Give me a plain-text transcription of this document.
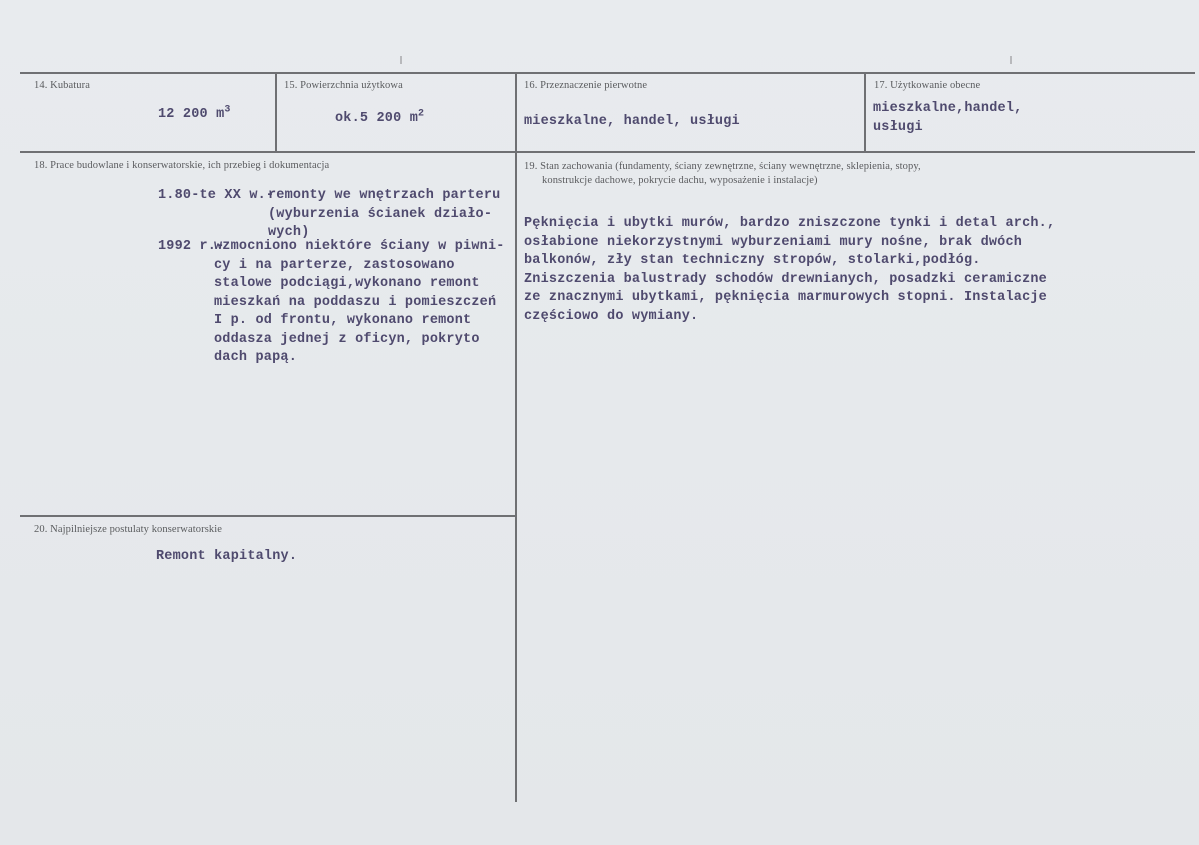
14. Kubatura
12 200 $m^3$
15. Powierzchnia użytkowa
ok.5 200 $m^2$
16. Przeznaczenie pierwotne
mieszkalne, handel, usługi
17. Użytkowanie obecne
mieszkalne,handel,
usługi
18. Prace budowlane i konserwatorskie, ich przebieg i dokumentacja
1.80-te XX w.-
remonty we wnętrzach parteru
(wyburzenia ścianek działo-
wych)
1992 r.-
wzmocniono niektóre ściany w piwni-
cy i na parterze, zastosowano
stalowe podciągi,wykonano remont
mieszkań na poddaszu i pomieszczeń
I p. od frontu, wykonano remont
oddasza jednej z oficyn, pokryto
dach papą.
19. Stan zachowania (fundamenty, ściany zewnętrzne, ściany wewnętrzne, sklepienia, stopy,
konstrukcje dachowe, pokrycie dachu, wyposażenie i instalacje)
Pęknięcia i ubytki murów, bardzo zniszczone tynki i detal arch.,
osłabione niekorzystnymi wyburzeniami mury nośne, brak dwóch
balkonów, zły stan techniczny stropów, stolarki,podłóg.
Zniszczenia balustrady schodów drewnianych, posadzki ceramiczne
ze znacznymi ubytkami, pęknięcia marmurowych stopni. Instalacje
częściowo do wymiany.
20. Najpilniejsze postulaty konserwatorskie
Remont kapitalny.
